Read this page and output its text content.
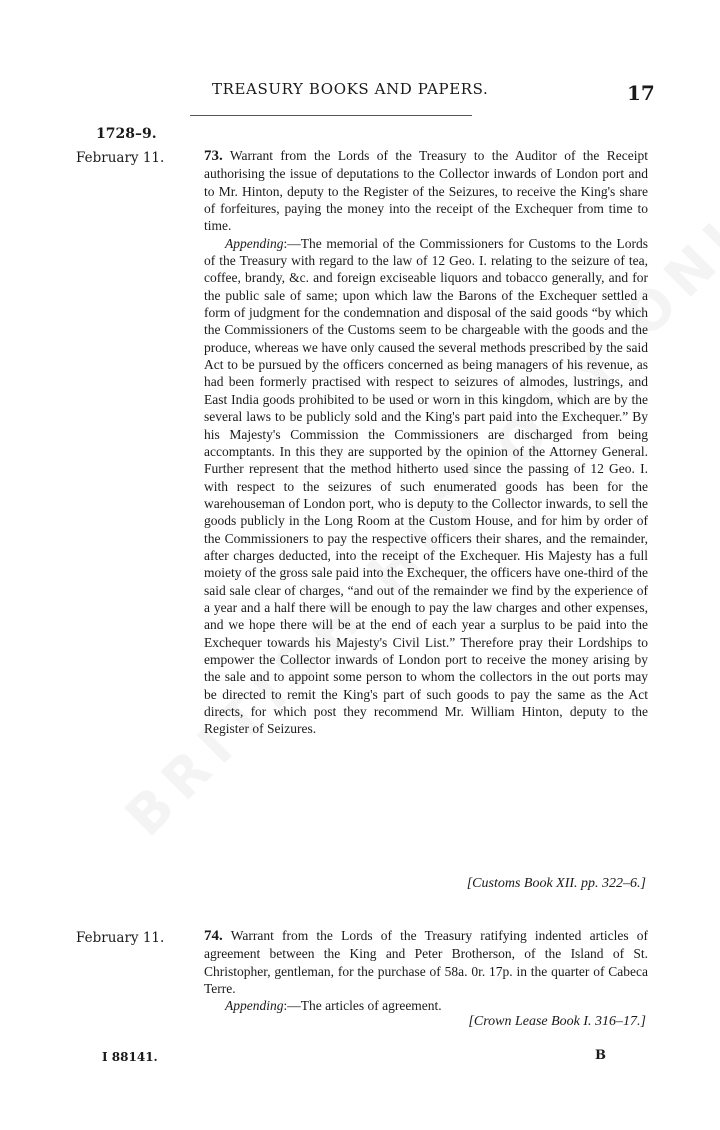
TREASURY BOOKS AND PAPERS.	17
1728–9.
February 11.	73. Warrant from the Lords of the Treasury to the Auditor of the Receipt authorising the issue of deputations to the Collector inwards of London port and to Mr. Hinton, deputy to the Register of the Seizures, to receive the King's share of forfeitures, paying the money into the receipt of the Exchequer from time to time.

Appending:—The memorial of the Commissioners for Customs to the Lords of the Treasury with regard to the law of 12 Geo. I. relating to the seizure of tea, coffee, brandy, &c. and foreign exciseable liquors and tobacco generally, and for the public sale of same; upon which law the Barons of the Exchequer settled a form of judgment for the condemnation and disposal of the said goods “by which the Commissioners of the Customs seem to be chargeable with the goods and the produce, whereas we have only caused the several methods prescribed by the said Act to be pursued by the officers concerned as being managers of his revenue, as had been formerly practised with respect to seizures of almodes, lustrings, and East India goods prohibited to be used or worn in this kingdom, which are by the several laws to be publicly sold and the King's part paid into the Exchequer.” By his Majesty's Commission the Commissioners are discharged from being accomptants. In this they are supported by the opinion of the Attorney General. Further represent that the method hitherto used since the passing of 12 Geo. I. with respect to the seizures of such enumerated goods has been for the warehouseman of London port, who is deputy to the Collector inwards, to sell the goods publicly in the Long Room at the Custom House, and for him by order of the Commissioners to pay the respective officers their shares, and the remainder, after charges deducted, into the receipt of the Exchequer. His Majesty has a full moiety of the gross sale paid into the Exchequer, the officers have one-third of the said sale clear of charges, “and out of the remainder we find by the experience of a year and a half there will be enough to pay the law charges and other expenses, and we hope there will be at the end of each year a surplus to be paid into the Exchequer towards his Majesty's Civil List.” Therefore pray their Lordships to empower the Collector inwards of London port to receive the money arising by the sale and to appoint some person to whom the collectors in the out ports may be directed to remit the King's part of such goods to pay the same as the Act directs, for which post they recommend Mr. William Hinton, deputy to the Register of Seizures.

[Customs Book XII. pp. 322–6.]
February 11.	74. Warrant from the Lords of the Treasury ratifying indented articles of agreement between the King and Peter Brotherson, of the Island of St. Christopher, gentleman, for the purchase of 58a. 0r. 17p. in the quarter of Cabeca Terre.

Appending:—The articles of agreement.

[Crown Lease Book I. 316–17.]
I 88141.	B
